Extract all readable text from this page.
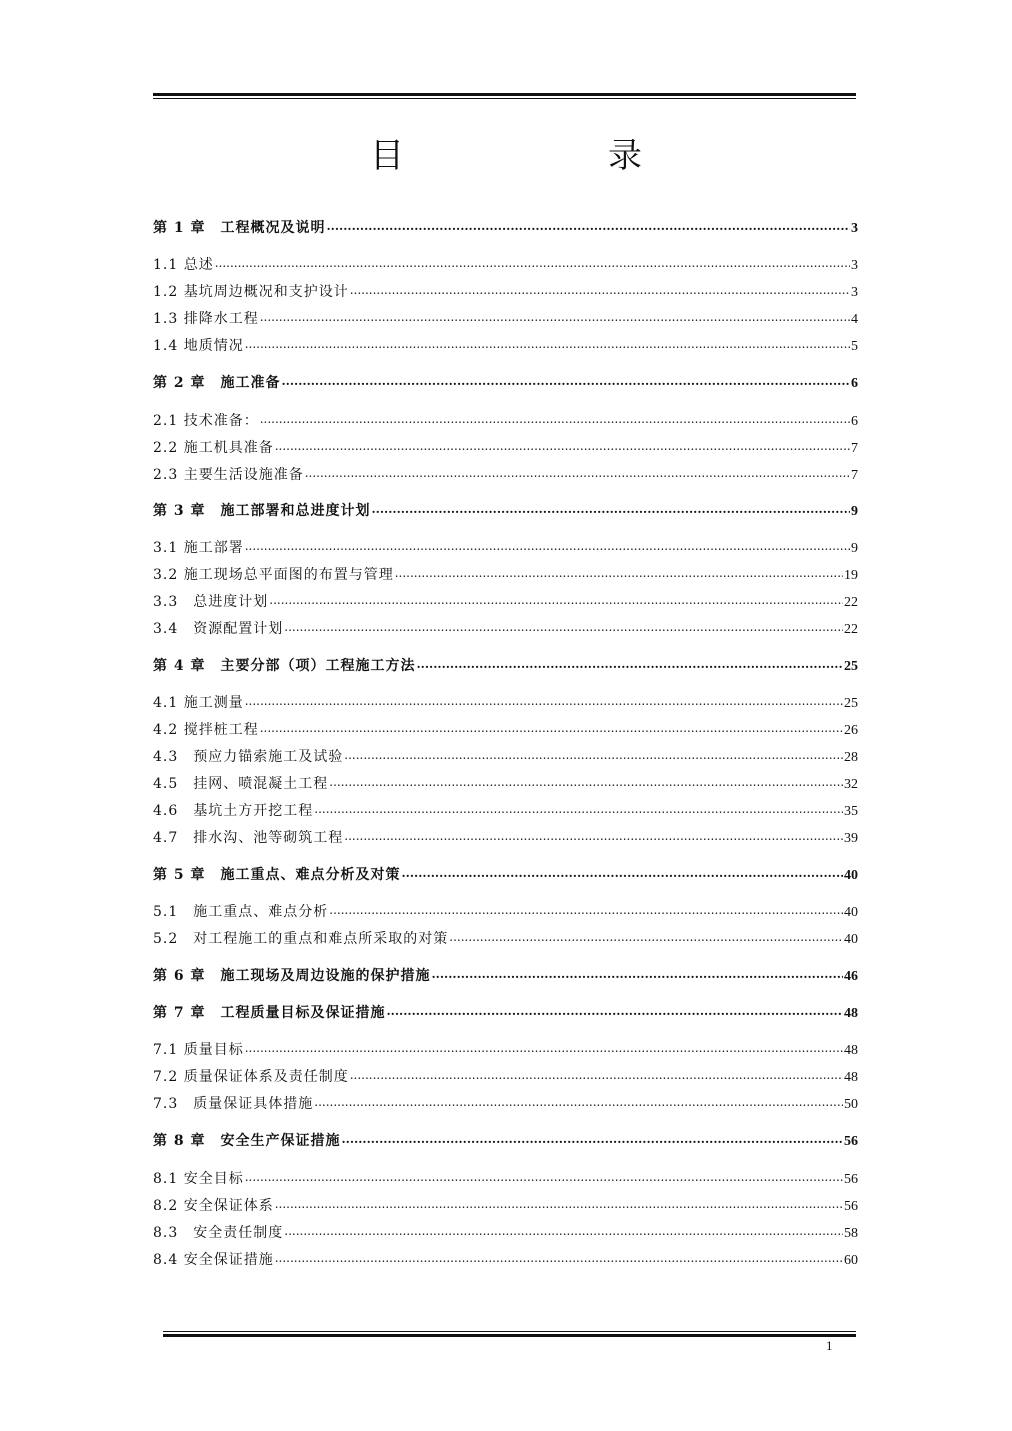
目　录
第 1 章　工程概况及说明 .....	3
1.1 总述 .....	3
1.2 基坑周边概况和支护设计 .....	3
1.3 排降水工程 .....	4
1.4 地质情况 .....	5
第 2 章　施工准备 .....	6
2.1 技术准备： .....	6
2.2 施工机具准备 .....	7
2.3 主要生活设施准备 .....	7
第 3 章　施工部署和总进度计划 .....	9
3.1 施工部署 .....	9
3.2 施工现场总平面图的布置与管理 .....	19
3.3　总进度计划 .....	22
3.4　资源配置计划 .....	22
第 4 章　主要分部（项）工程施工方法 .....	25
4.1 施工测量 .....	25
4.2 搅拌桩工程 .....	26
4.3　预应力锚索施工及试验 .....	28
4.5　挂网、喷混凝土工程 .....	32
4.6　基坑土方开挖工程 .....	35
4.7　排水沟、池等砌筑工程 .....	39
第 5 章　施工重点、难点分析及对策 .....	40
5.1　施工重点、难点分析 .....	40
5.2　对工程施工的重点和难点所采取的对策 .....	40
第 6 章　施工现场及周边设施的保护措施 .....	46
第 7 章　工程质量目标及保证措施 .....	48
7.1 质量目标 .....	48
7.2 质量保证体系及责任制度 .....	48
7.3　质量保证具体措施 .....	50
第 8 章　安全生产保证措施 .....	56
8.1 安全目标 .....	56
8.2 安全保证体系 .....	56
8.3　安全责任制度 .....	58
8.4 安全保证措施 .....	60
1
